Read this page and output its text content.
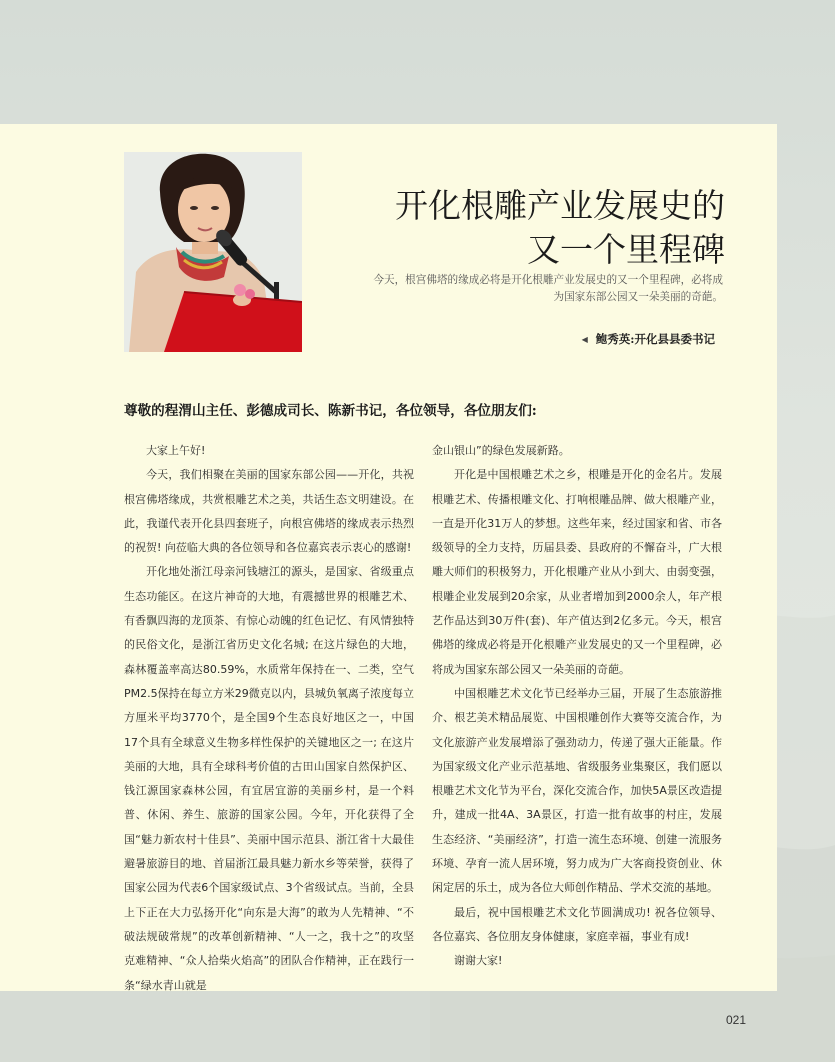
开化根雕产业发展史的
又一个里程碑
今天，根宫佛塔的缘成必将是开化根雕产业发展史的又一个里程碑，必将成为国家东部公园又一朵美丽的奇葩。
◀ 鲍秀英:开化县县委书记
尊敬的程渭山主任、彭德成司长、陈新书记，各位领导，各位朋友们:

大家上午好!

今天，我们相聚在美丽的国家东部公园——开化，共祝根宫佛塔缘成，共赏根雕艺术之美，共话生态文明建设。在此，我谨代表开化县四套班子，向根宫佛塔的缘成表示热烈的祝贺! 向莅临大典的各位领导和各位嘉宾表示衷心的感谢!

开化地处浙江母亲河钱塘江的源头，是国家、省级重点生态功能区。在这片神奇的大地，有震撼世界的根雕艺术、有香飘四海的龙顶茶、有惊心动魄的红色记忆、有风情独特的民俗文化，是浙江省历史文化名城; 在这片绿色的大地，森林覆盖率高达80.59%，水质常年保持在一、二类，空气PM2.5保持在每立方米29微克以内，县城负氧离子浓度每立方厘米平均3770个，是全国9个生态良好地区之一，中国17个具有全球意义生物多样性保护的关键地区之一; 在这片美丽的大地，具有全球科考价值的古田山国家自然保护区、钱江源国家森林公园，有宜居宜游的美丽乡村，是一个料普、休闲、养生、旅游的国家公园。今年，开化获得了全国“魅力新农村十佳县”、美丽中国示范县、浙江省十大最佳避暑旅游目的地、首届浙江最具魅力新水乡等荣誉，获得了国家公园为代表6个国家级试点、3个省级试点。当前，全县上下正在大力弘扬开化“向东是大海”的敢为人先精神、“不破法规破常规”的改革创新精神、“人一之，我十之”的攻坚克难精神、“众人拾柴火焰高”的团队合作精神，正在践行一条“绿水青山就是

金山银山”的绿色发展新路。

开化是中国根雕艺术之乡，根雕是开化的金名片。发展根雕艺术、传播根雕文化、打响根雕品牌、做大根雕产业，一直是开化31万人的梦想。这些年来，经过国家和省、市各级领导的全力支持，历届县委、县政府的不懈奋斗，广大根雕大师们的积极努力，开化根雕产业从小到大、由弱变强，根雕企业发展到20余家，从业者增加到2000余人，年产根艺作品达到30万件(套)、年产值达到2亿多元。今天，根宫佛塔的缘成必将是开化根雕产业发展史的又一个里程碑，必将成为国家东部公园又一朵美丽的奇葩。

中国根雕艺术文化节已经举办三届，开展了生态旅游推介、根艺美术精品展览、中国根雕创作大赛等交流合作，为文化旅游产业发展增添了强劲动力，传递了强大正能量。作为国家级文化产业示范基地、省级服务业集聚区，我们愿以根雕艺术文化节为平台，深化交流合作，加快5A景区改造提升，建成一批4A、3A景区，打造一批有故事的村庄，发展生态经济、“美丽经济”，打造一流生态环境、创建一流服务环境、孕育一流人居环境，努力成为广大客商投资创业、休闲定居的乐土，成为各位大师创作精品、学术交流的基地。

最后，祝中国根雕艺术文化节圆满成功! 祝各位领导、各位嘉宾、各位朋友身体健康，家庭幸福，事业有成!

谢谢大家!

021
